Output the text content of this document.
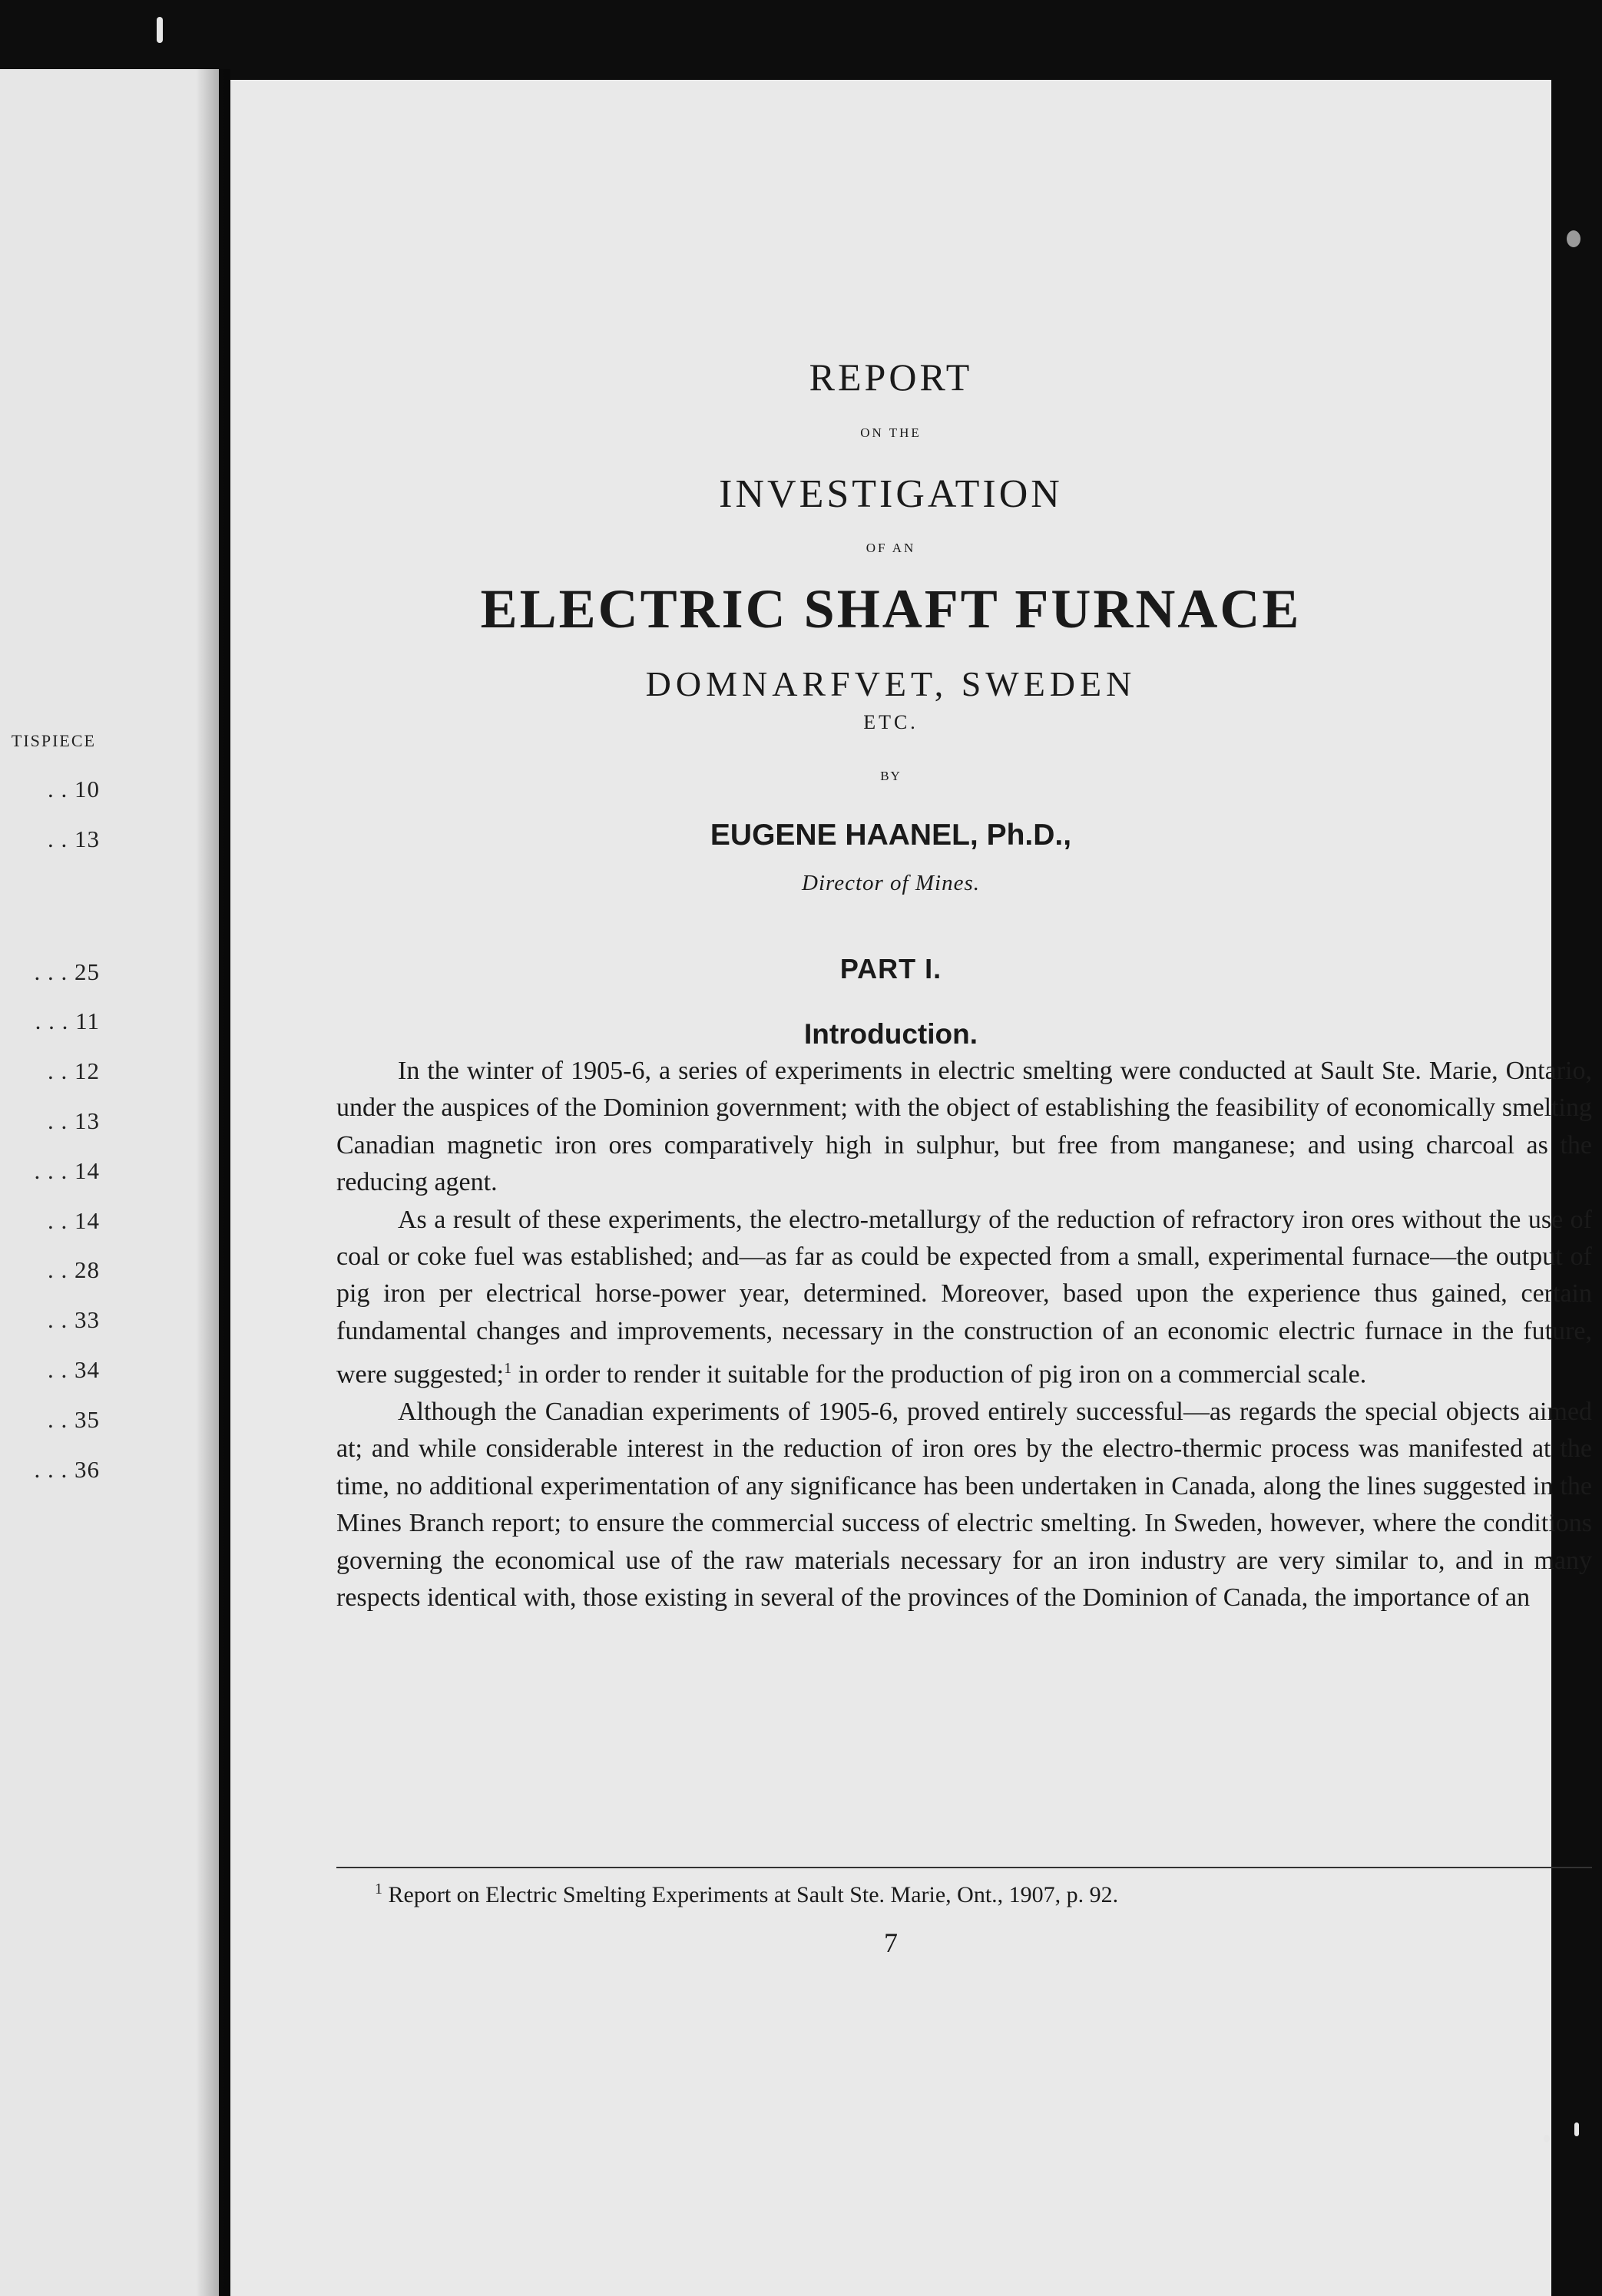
TISPIECE
. . 10
. . 13
. . . 25
. . . 11
. . 12
. . 13
. . . 14
. . 14
. . 28
. . 33
. . 34
. . 35
. . . 36
REPORT
ON THE
INVESTIGATION
OF AN
ELECTRIC SHAFT FURNACE
DOMNARFVET, SWEDEN
ETC.
BY
EUGENE HAANEL, Ph.D.,
Director of Mines.
PART I.
Introduction.

In the winter of 1905-6, a series of experiments in electric smelting were conducted at Sault Ste. Marie, Ontario, under the auspices of the Dominion government; with the object of establishing the feasibility of economically smelting Canadian magnetic iron ores comparatively high in sulphur, but free from manganese; and using charcoal as the reducing agent.

As a result of these experiments, the electro-metallurgy of the reduction of refractory iron ores without the use of coal or coke fuel was established; and—as far as could be expected from a small, experimental furnace—the output of pig iron per electrical horse-power year, determined. Moreover, based upon the experience thus gained, certain fundamental changes and improvements, necessary in the construction of an economic electric furnace in the future, were suggested;$^1$ in order to render it suitable for the production of pig iron on a commercial scale.

Although the Canadian experiments of 1905-6, proved entirely successful—as regards the special objects aimed at; and while considerable interest in the reduction of iron ores by the electro-thermic process was manifested at the time, no additional experimentation of any significance has been undertaken in Canada, along the lines suggested in the Mines Branch report; to ensure the commercial success of electric smelting. In Sweden, however, where the conditions governing the economical use of the raw materials necessary for an iron industry are very similar to, and in many respects identical with, those existing in several of the provinces of the Dominion of Canada, the importance of an

$^1$ Report on Electric Smelting Experiments at Sault Ste. Marie, Ont., 1907, p. 92.
7
